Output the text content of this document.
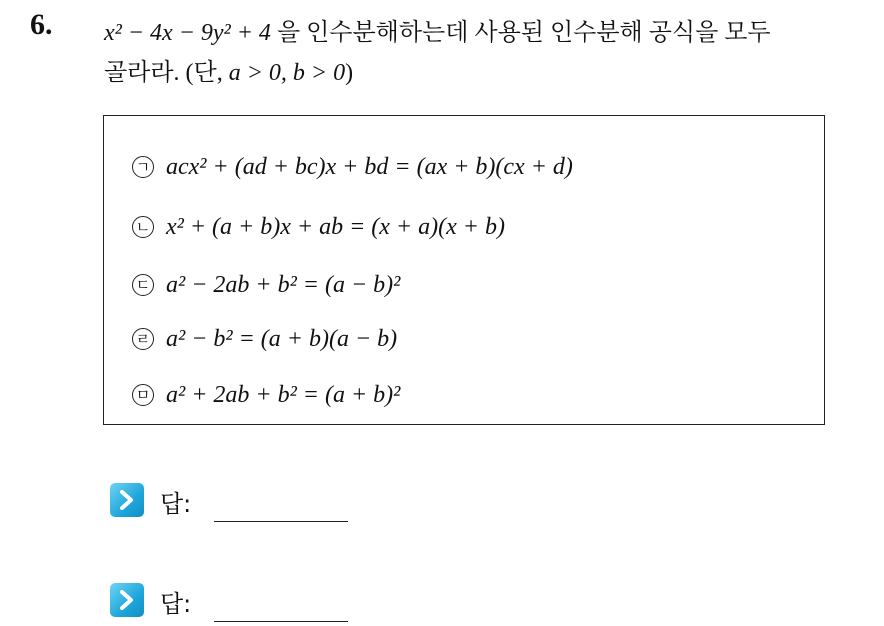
6. x² − 4x − 9y² + 4 을 인수분해하는데 사용된 인수분해 공식을 모두
골라라. (단, a > 0, b > 0)
ㄱ acx² + (ad + bc)x + bd = (ax + b)(cx + d)
ㄴ x² + (a + b)x + ab = (x + a)(x + b)
ㄷ a² − 2ab + b² = (a − b)²
ㄹ a² − b² = (a + b)(a − b)
ㅁ a² + 2ab + b² = (a + b)²
답:
답:
